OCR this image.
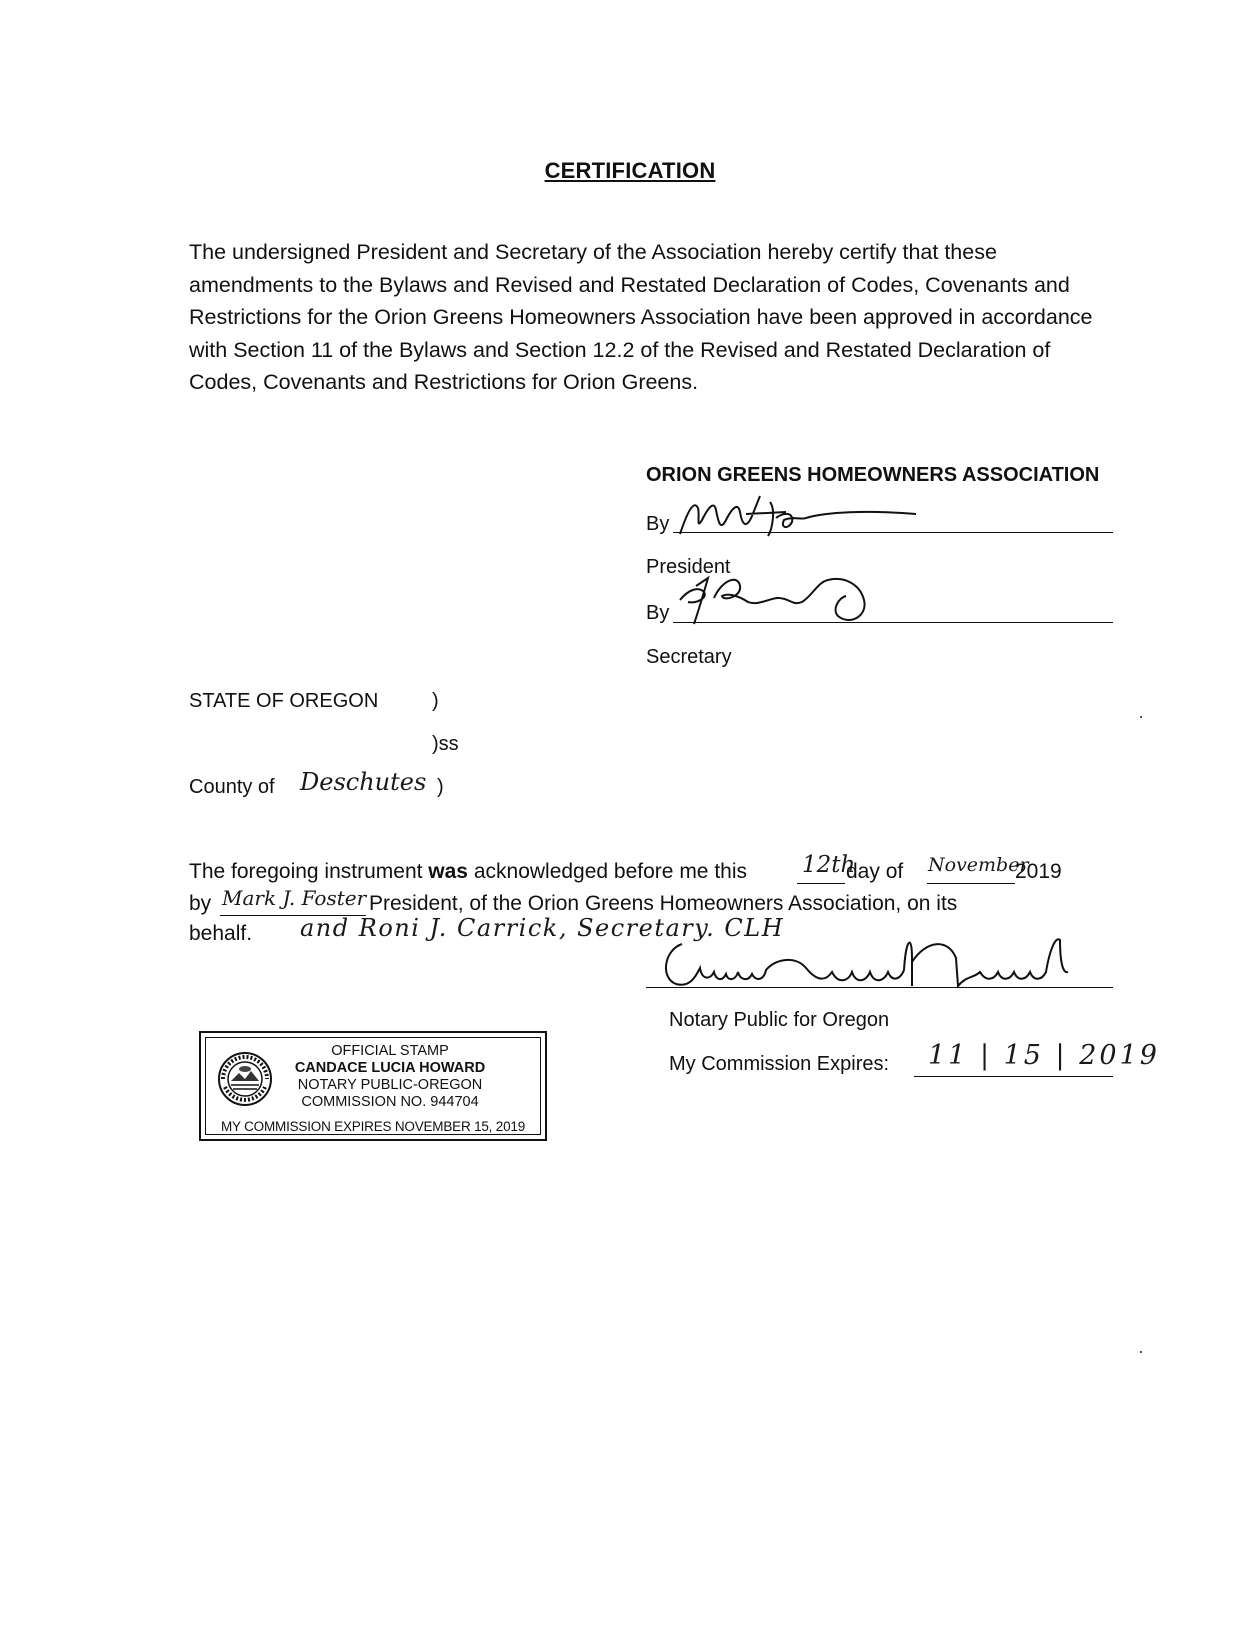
CERTIFICATION

The undersigned President and Secretary of the Association hereby certify that these amendments to the Bylaws and Revised and Restated Declaration of Codes, Covenants and Restrictions for the Orion Greens Homeowners Association have been approved in accordance with Section 11 of the Bylaws and Section 12.2 of the Revised and Restated Declaration of Codes, Covenants and Restrictions for Orion Greens.

ORION GREENS HOMEOWNERS ASSOCIATION
By
President
By
Secretary
STATE OF OREGON	)
)ss
County of Deschutes )
The foregoing instrument was acknowledged before me this 12th
day of November
2019
by Mark J. Foster President, of the Orion Greens Homeowners Association, on its
behalf. and Roni J. Carrick, Secretary. CLH
Notary Public for Oregon
My Commission Expires: 11 | 15 | 2019
OFFICIAL STAMP
CANDACE LUCIA HOWARD
NOTARY PUBLIC-OREGON
COMMISSION NO. 944704
MY COMMISSION EXPIRES NOVEMBER 15, 2019
